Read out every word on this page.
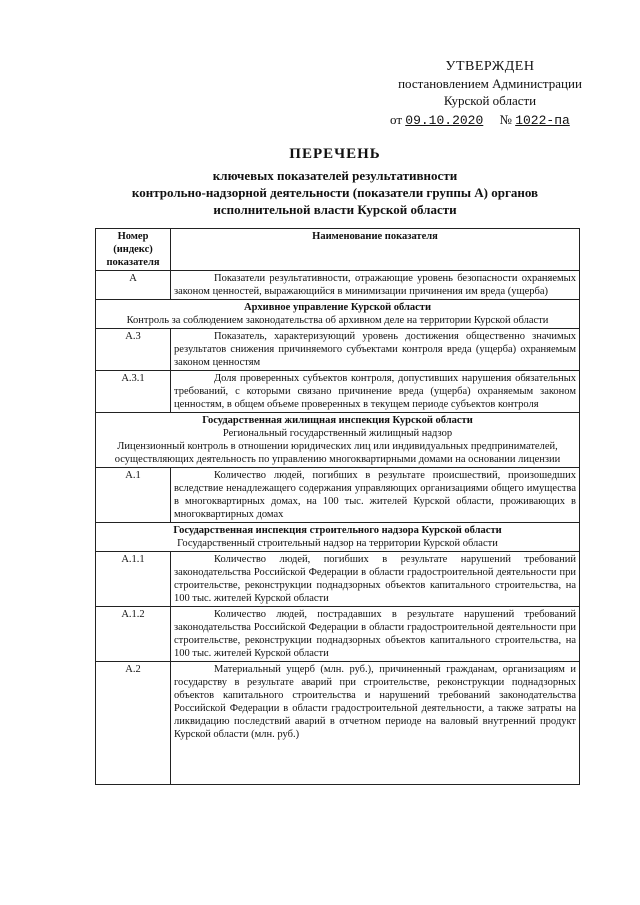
УТВЕРЖДЕН
постановлением Администрации
Курской области
от 09.10.2020 № 1022-па
ПЕРЕЧЕНЬ
ключевых показателей результативности
контрольно-надзорной деятельности (показатели группы А) органов
исполнительной власти Курской области
Номер (индекс) показателя	Наименование показателя
А	Показатели результативности, отражающие уровень безопасности охраняемых законом ценностей, выражающийся в минимизации причинения им вреда (ущерба)

Архивное управление Курской области
Контроль за соблюдением законодательства об архивном деле на территории Курской области	

А.3	Показатель, характеризующий уровень достижения общественно значимых результатов снижения причиняемого субъектами контроля вреда (ущерба) охраняемым законом ценностям
А.3.1	Доля проверенных субъектов контроля, допустивших нарушения обязательных требований, с которыми связано причинение вреда (ущерба) охраняемым законом ценностям, в общем объеме проверенных в текущем периоде субъектов контроля

Государственная жилищная инспекция Курской области
Региональный государственный жилищный надзор
Лицензионный контроль в отношении юридических лиц или индивидуальных предпринимателей, осуществляющих деятельность по управлению многоквартирными домами на основании лицензии	

А.1	Количество людей, погибших в результате происшествий, произошедших вследствие ненадлежащего содержания управляющих организациями общего имущества в многоквартирных домах, на 100 тыс. жителей Курской области, проживающих в многоквартирных домах

Государственная инспекция строительного надзора Курской области
Государственный строительный надзор на территории Курской области	

А.1.1	Количество людей, погибших в результате нарушений требований законодательства Российской Федерации в области градостроительной деятельности при строительстве, реконструкции поднадзорных объектов капитального строительства, на 100 тыс. жителей Курской области
А.1.2	Количество людей, пострадавших в результате нарушений требований законодательства Российской Федерации в области градостроительной деятельности при строительстве, реконструкции поднадзорных объектов капитального строительства, на 100 тыс. жителей Курской области
А.2	Материальный ущерб (млн. руб.), причиненный гражданам, организациям и государству в результате аварий при строительстве, реконструкции поднадзорных объектов капитального строительства и нарушений требований законодательства Российской Федерации в области градостроительной деятельности, а также затраты на ликвидацию последствий аварий в отчетном периоде на валовый внутренний продукт Курской области (млн. руб.)
